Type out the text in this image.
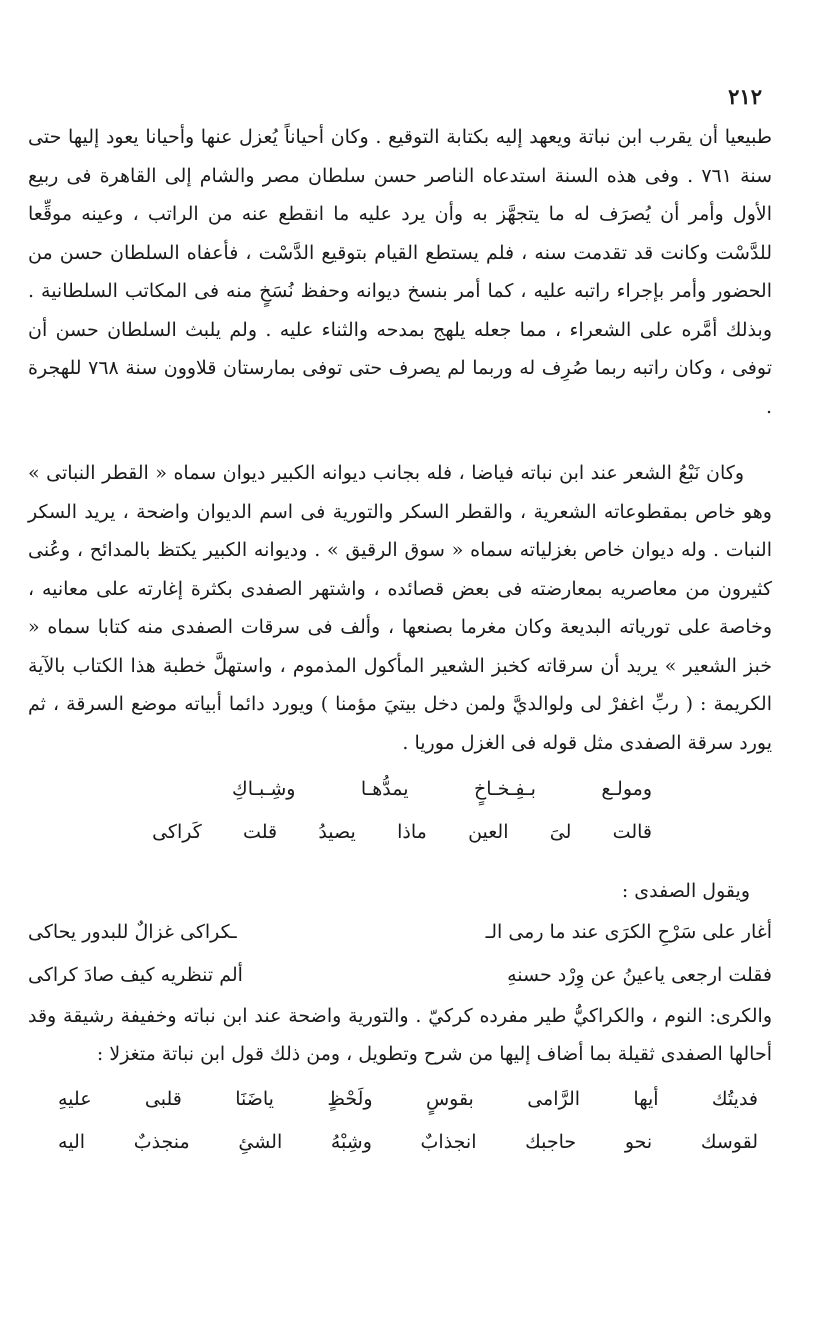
٢١٢

طبيعيا أن يقرب ابن نباتة ويعهد إليه بكتابة التوقيع . وكان أحياناً يُعزل عنها وأحيانا يعود إليها حتى سنة ٧٦١ . وفى هذه السنة استدعاه الناصر حسن سلطان مصر والشام إلى القاهرة فى ربيع الأول وأمر أن يُصرَف له ما يتجهَّز به وأن يرد عليه ما انقطع عنه من الراتب ، وعينه موقِّعا للدَّسْت وكانت قد تقدمت سنه ، فلم يستطع القيام بتوقيع الدَّسْت ، فأعفاه السلطان حسن من الحضور وأمر بإجراء راتبه عليه ، كما أمر بنسخ ديوانه وحفظ نُسَخٍ منه فى المكاتب السلطانية . وبذلك أمَّره على الشعراء ، مما جعله يلهج بمدحه والثناء عليه . ولم يلبث السلطان حسن أن توفى ، وكان راتبه ربما صُرِف له وربما لم يصرف حتى توفى بمارستان قلاوون سنة ٧٦٨ للهجرة .

وكان نَبْعُ الشعر عند ابن نباته فياضا ، فله بجانب ديوانه الكبير ديوان سماه « القطر النباتى » وهو خاص بمقطوعاته الشعرية ، والقطر السكر والتورية فى اسم الديوان واضحة ، يريد السكر النبات . وله ديوان خاص بغزلياته سماه « سوق الرقيق » . وديوانه الكبير يكتظ بالمدائح ، وعُنى كثيرون من معاصريه بمعارضته فى بعض قصائده ، واشتهر الصفدى بكثرة إغارته على معانيه ، وخاصة على تورياته البديعة وكان مغرما بصنعها ، وألف فى سرقات الصفدى منه كتابا سماه « خبز الشعير » يريد أن سرقاته كخبز الشعير المأكول المذموم ، واستهلَّ خطبة هذا الكتاب بالآية الكريمة : ( ربِّ اغفرْ لى ولوالديَّ ولمن دخل بيتيَ مؤمنا ) ويورد دائما أبياته موضع السرقة ، ثم يورد سرقة الصفدى مثل قوله فى الغزل موريا .

ومولـع
بـفِـخـاخٍ
يمدُّهـا
وشِـبـاكِ
قالت
لىَ
العين
ماذا
يصيدُ
قلت
كَراكى

ويقول الصفدى :

أغار على سَرْحِ الكرَى عند ما رمى الـ
ـكراكى غزالٌ للبدور يحاكى
فقلت ارجعى ياعينُ عن وِرْد حسنهِ
ألم تنظريه كيف صادَ كراكى

والكرى: النوم ، والكراكيُّ طير مفرده كركيّ . والتورية واضحة عند ابن نباته وخفيفة رشيقة وقد أحالها الصفدى ثقيلة بما أضاف إليها من شرح وتطويل ، ومن ذلك قول ابن نباتة متغزلا :

فديتُك
أيها
الرَّامى
بقوسٍ
ولَحْظٍ
ياضَنَا
قلبى
عليهِ
لقوسك
نحو
حاجبك
انجذابٌ
وشِبْهُ
الشئِ
منجذبٌ
اليه
